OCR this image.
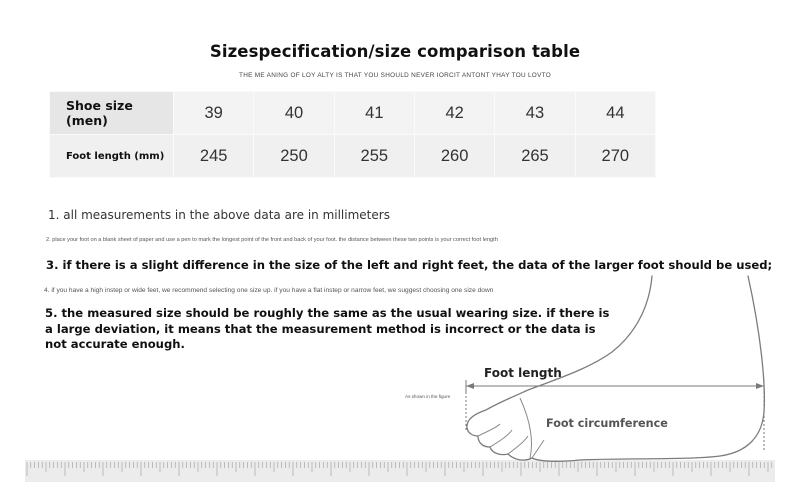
Sizespecification/size comparison table
THE ME ANING OF LOY ALTY IS THAT YOU SHOULD NEVER IORCIT ANTONT YHAY TOU LOVTO
Shoe size (men)	39	40	41	42	43	44
Foot length (mm)	245	250	255	260	265	270
1. all measurements in the above data are in millimeters
2. place your foot on a blank sheet of paper and use a pen to mark the longest point of the front and back of your foot. the distance between these two points is your correct foot length
3. if there is a slight difference in the size of the left and right feet, the data of the larger foot should be used;
4. if you have a high instep or wide feet, we recommend selecting one size up. if you have a flat instep or narrow feet, we suggest choosing one size down
5. the measured size should be roughly the same as the usual wearing size. if there is a large deviation, it means that the measurement method is incorrect or the data is not accurate enough.
Foot length
Foot circumference
As shown in the figure
